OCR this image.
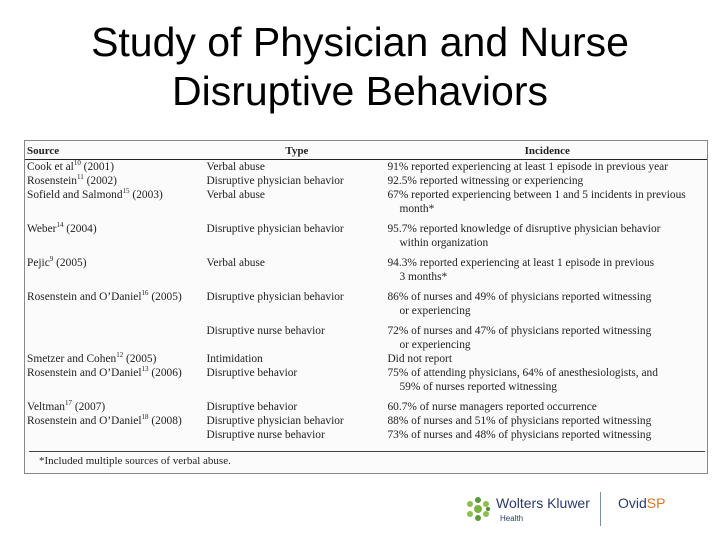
Study of Physician and Nurse
Disruptive Behaviors
Source	Type	Incidence
Cook et $al^{10}$ (2001)	Verbal abuse	91% reported experiencing at least 1 episode in previous year

Rosenstein$^{11}$ (2002)	Disruptive physician behavior	92.5% reported witnessing or experiencing

Sofield and Salmond$^{15}$ (2003)	Verbal abuse	67% reported experiencing between 1 and 5 incidents in previous
month*

Weber$^{14}$ (2004)	Disruptive physician behavior	95.7% reported knowledge of disruptive physician behavior
within organization

Pejic$^9$ (2005)	Verbal abuse	94.3% reported experiencing at least 1 episode in previous
3 months*

Rosenstein and O’Daniel$^{16}$ (2005)	Disruptive physician behavior	86% of nurses and 49% of physicians reported witnessing
or experiencing

	Disruptive nurse behavior	72% of nurses and 47% of physicians reported witnessing
or experiencing

Smetzer and Cohen$^{12}$ (2005)	Intimidation	Did not report

Rosenstein and O’Daniel$^{13}$ (2006)	Disruptive behavior	75% of attending physicians, 64% of anesthesiologists, and
59% of nurses reported witnessing

Veltman$^{17}$ (2007)	Disruptive behavior	60.7% of nurse managers reported occurrence

Rosenstein and O’Daniel$^{18}$ (2008)	Disruptive physician behavior	88% of nurses and 51% of physicians reported witnessing

	Disruptive nurse behavior	73% of nurses and 48% of physicians reported witnessing
*Included multiple sources of verbal abuse.
Wolters Kluwer
Health
OvidSP
